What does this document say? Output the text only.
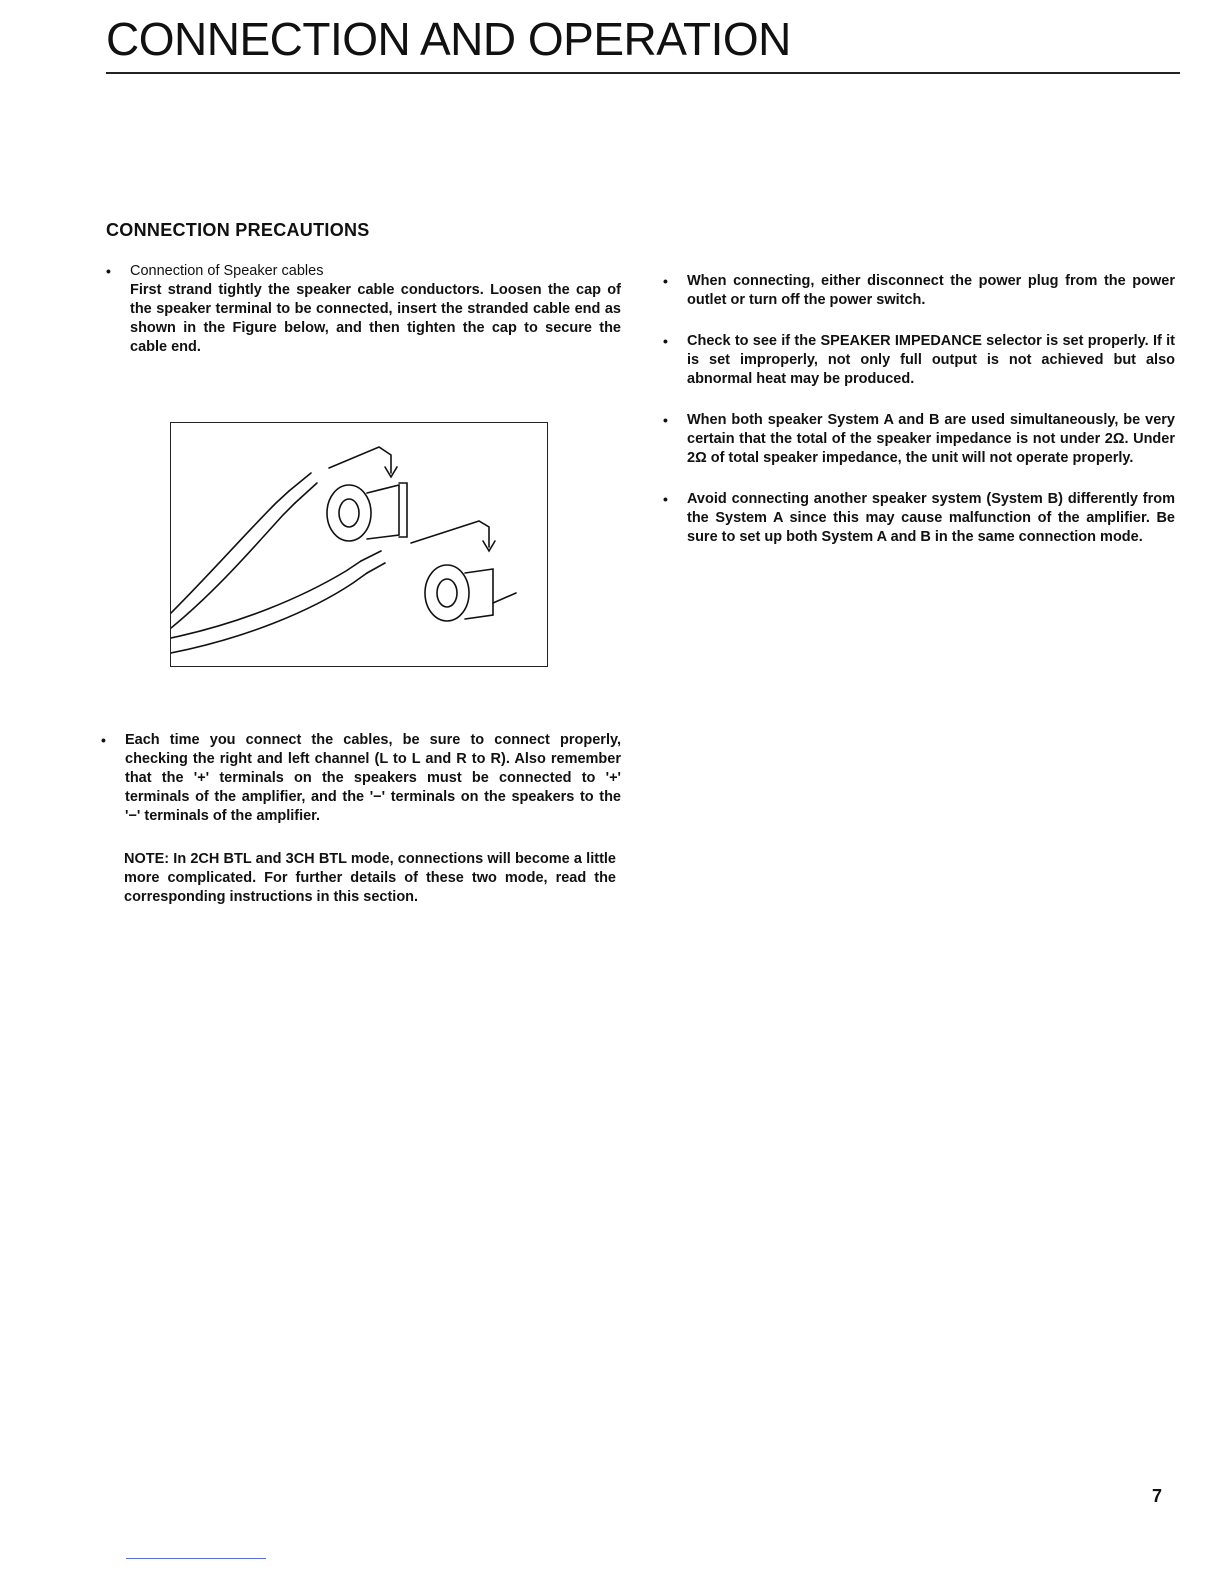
CONNECTION AND OPERATION
CONNECTION PRECAUTIONS
• Connection of Speaker cables
First strand tightly the speaker cable conductors. Loosen the cap of the speaker terminal to be connected, insert the stranded cable end as shown in the Figure below, and then tighten the cap to secure the cable end.
• Each time you connect the cables, be sure to connect properly, checking the right and left channel (L to L and R to R). Also remember that the '+' terminals on the speakers must be connected to '+' terminals of the amplifier, and the '−' terminals on the speakers to the '−' terminals of the amplifier.
NOTE: In 2CH BTL and 3CH BTL mode, connections will become a little more complicated. For further details of these two mode, read the corresponding instructions in this section.
• When connecting, either disconnect the power plug from the power outlet or turn off the power switch.
• Check to see if the SPEAKER IMPEDANCE selector is set properly. If it is set improperly, not only full output is not achieved but also abnormal heat may be produced.
• When both speaker System A and B are used simultaneously, be very certain that the total of the speaker impedance is not under 2Ω. Under 2Ω of total speaker impedance, the unit will not operate properly.
• Avoid connecting another speaker system (System B) differently from the System A since this may cause malfunction of the amplifier. Be sure to set up both System A and B in the same connection mode.
7
